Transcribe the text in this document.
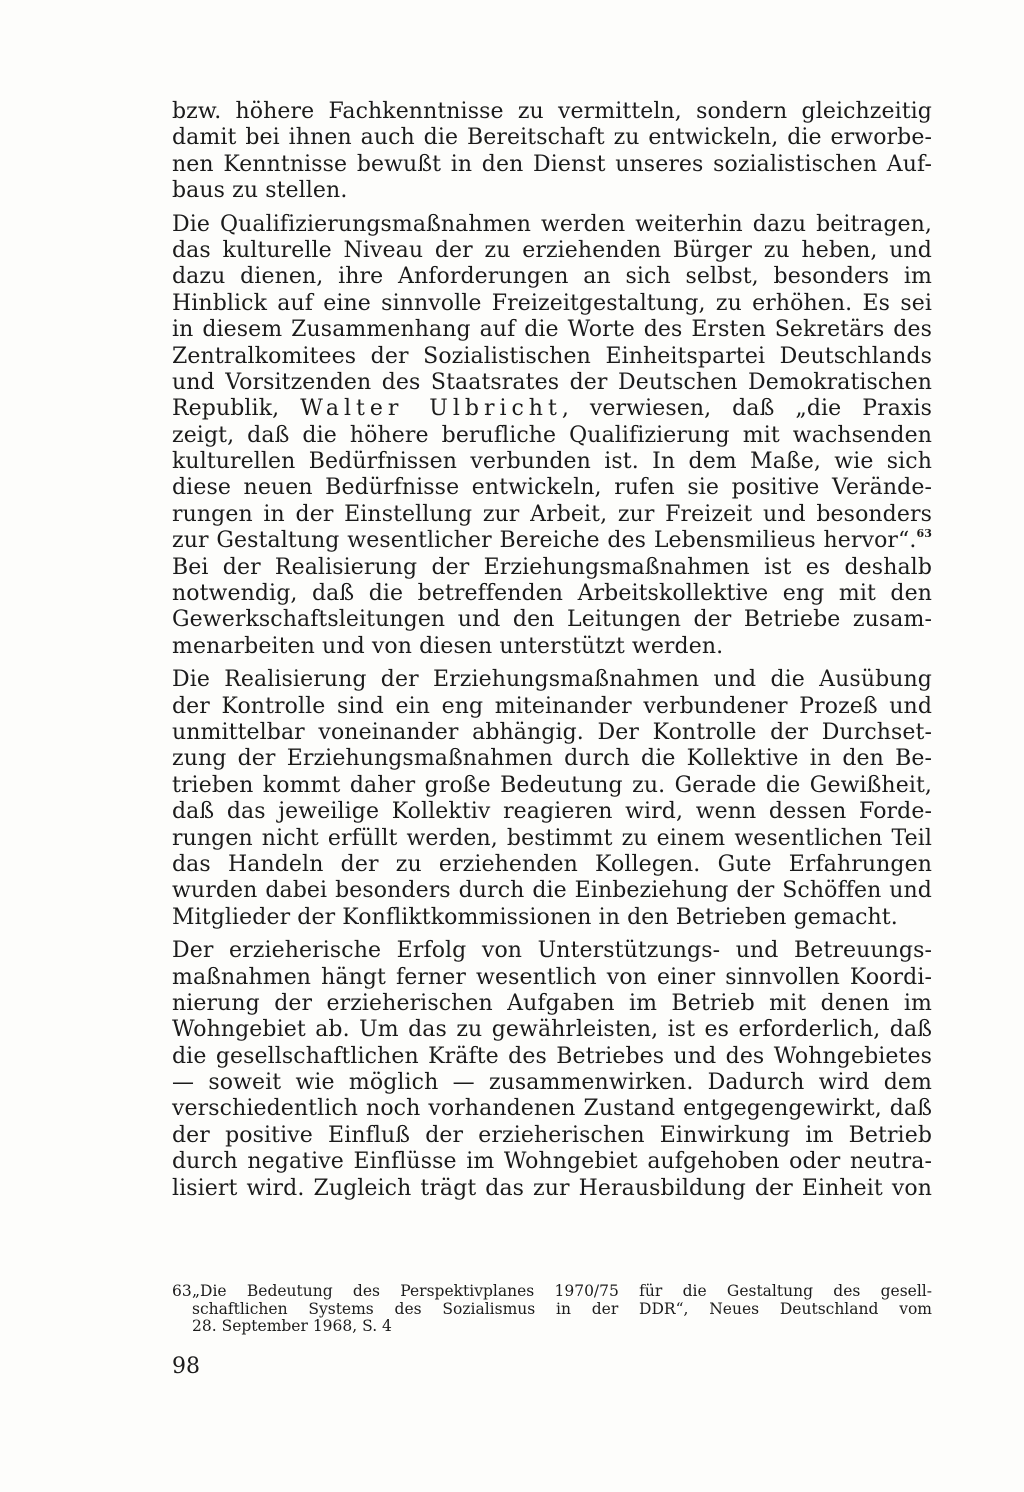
bzw. höhere Fachkenntnisse zu vermitteln, sondern gleichzeitig
damit bei ihnen auch die Bereitschaft zu entwickeln, die erworbe-
nen Kenntnisse bewußt in den Dienst unseres sozialistischen Auf-
baus zu stellen.
Die Qualifizierungsmaßnahmen werden weiterhin dazu beitragen,
das kulturelle Niveau der zu erziehenden Bürger zu heben, und
dazu dienen, ihre Anforderungen an sich selbst, besonders im
Hinblick auf eine sinnvolle Freizeitgestaltung, zu erhöhen. Es sei
in diesem Zusammenhang auf die Worte des Ersten Sekretärs des
Zentralkomitees der Sozialistischen Einheitspartei Deutschlands
und Vorsitzenden des Staatsrates der Deutschen Demokratischen
Republik, Walter Ulbricht, verwiesen, daß „die Praxis
zeigt, daß die höhere berufliche Qualifizierung mit wachsenden
kulturellen Bedürfnissen verbunden ist. In dem Maße, wie sich
diese neuen Bedürfnisse entwickeln, rufen sie positive Verände-
rungen in der Einstellung zur Arbeit, zur Freizeit und besonders
zur Gestaltung wesentlicher Bereiche des Lebensmilieus hervor“.$^{63}$
Bei der Realisierung der Erziehungsmaßnahmen ist es deshalb
notwendig, daß die betreffenden Arbeitskollektive eng mit den
Gewerkschaftsleitungen und den Leitungen der Betriebe zusam-
menarbeiten und von diesen unterstützt werden.
Die Realisierung der Erziehungsmaßnahmen und die Ausübung
der Kontrolle sind ein eng miteinander verbundener Prozeß und
unmittelbar voneinander abhängig. Der Kontrolle der Durchset-
zung der Erziehungsmaßnahmen durch die Kollektive in den Be-
trieben kommt daher große Bedeutung zu. Gerade die Gewißheit,
daß das jeweilige Kollektiv reagieren wird, wenn dessen Forde-
rungen nicht erfüllt werden, bestimmt zu einem wesentlichen Teil
das Handeln der zu erziehenden Kollegen. Gute Erfahrungen
wurden dabei besonders durch die Einbeziehung der Schöffen und
Mitglieder der Konfliktkommissionen in den Betrieben gemacht.
Der erzieherische Erfolg von Unterstützungs- und Betreuungs-
maßnahmen hängt ferner wesentlich von einer sinnvollen Koordi-
nierung der erzieherischen Aufgaben im Betrieb mit denen im
Wohngebiet ab. Um das zu gewährleisten, ist es erforderlich, daß
die gesellschaftlichen Kräfte des Betriebes und des Wohngebietes
— soweit wie möglich — zusammenwirken. Dadurch wird dem
verschiedentlich noch vorhandenen Zustand entgegengewirkt, daß
der positive Einfluß der erzieherischen Einwirkung im Betrieb
durch negative Einflüsse im Wohngebiet aufgehoben oder neutra-
lisiert wird. Zugleich trägt das zur Herausbildung der Einheit von
63„Die Bedeutung des Perspektivplanes 1970/75 für die Gestaltung des gesell-
schaftlichen Systems des Sozialismus in der DDR“, Neues Deutschland vom
28. September 1968, S. 4
98
